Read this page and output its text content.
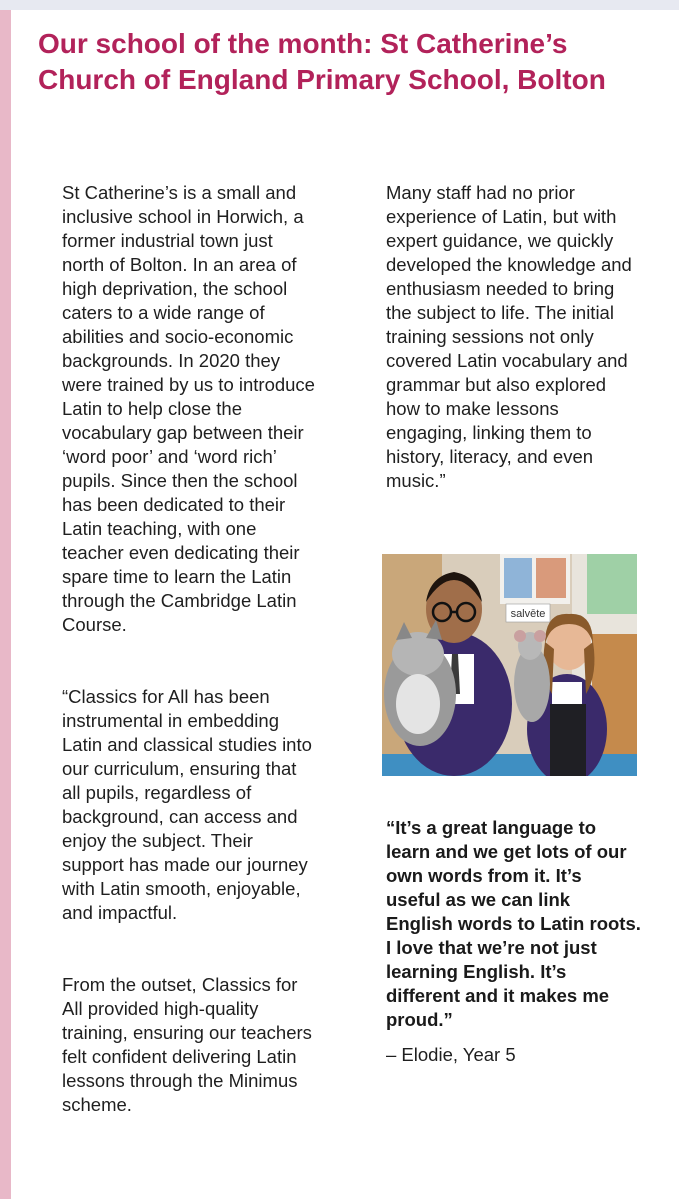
Our school of the month: St Catherine’s Church of England Primary School, Bolton

St Catherine’s is a small and inclusive school in Horwich, a former industrial town just north of Bolton. In an area of high deprivation, the school caters to a wide range of abilities and socio-economic backgrounds. In 2020 they were trained by us to introduce Latin to help close the vocabulary gap between their ‘word poor’ and ‘word rich’ pupils. Since then the school has been dedicated to their Latin teaching, with one teacher even dedicating their spare time to learn the Latin through the Cambridge Latin Course.

“Classics for All has been instrumental in embedding Latin and classical studies into our curriculum, ensuring that all pupils, regardless of background, can access and enjoy the subject. Their support has made our journey with Latin smooth, enjoyable, and impactful.

From the outset, Classics for All provided high-quality training, ensuring our teachers felt confident delivering Latin lessons through the Minimus scheme.

Many staff had no prior experience of Latin, but with expert guidance, we quickly developed the knowledge and enthusiasm needed to bring the subject to life. The initial training sessions not only covered Latin vocabulary and grammar but also explored how to make lessons engaging, linking them to history, literacy, and even music.”

salvēte

“It’s a great language to learn and we get lots of our own words from it. It’s useful as we can link English words to Latin roots. I love that we’re not just learning English. It’s different and it makes me proud.”

– Elodie, Year 5
